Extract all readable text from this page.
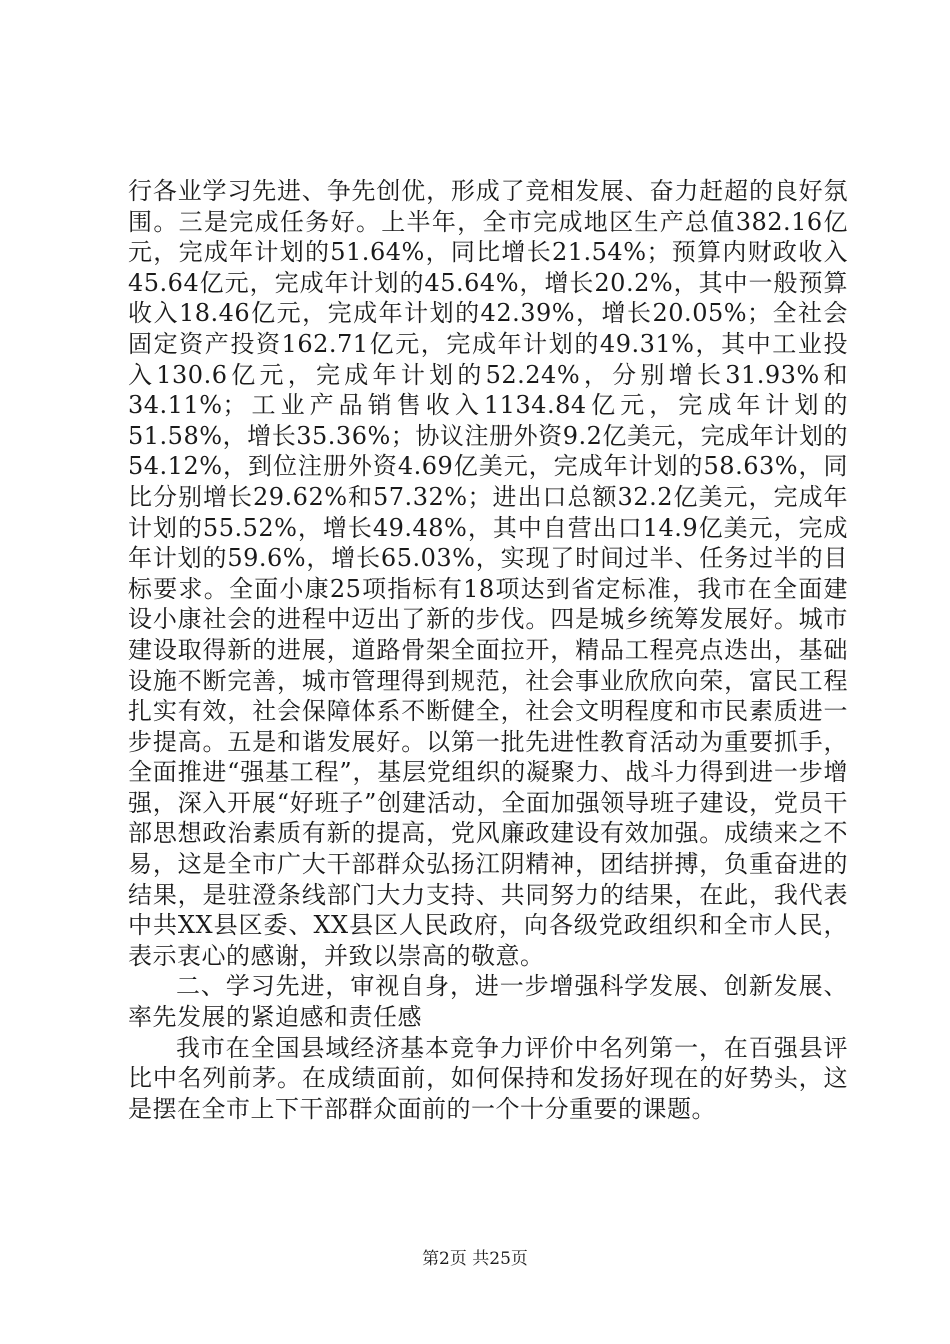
行各业学习先进、争先创优，形成了竞相发展、奋力赶超的良好氛围。三是完成任务好。上半年，全市完成地区生产总值382.16亿元，完成年计划的51.64%，同比增长21.54%；预算内财政收入45.64亿元，完成年计划的45.64%，增长20.2%，其中一般预算收入18.46亿元，完成年计划的42.39%，增长20.05%；全社会固定资产投资162.71亿元，完成年计划的49.31%，其中工业投入130.6亿元，完成年计划的52.24%，分别增长31.93%和34.11%；工业产品销售收入1134.84亿元，完成年计划的51.58%，增长35.36%；协议注册外资9.2亿美元，完成年计划的54.12%，到位注册外资4.69亿美元，完成年计划的58.63%，同比分别增长29.62%和57.32%；进出口总额32.2亿美元，完成年计划的55.52%，增长49.48%，其中自营出口14.9亿美元，完成年计划的59.6%，增长65.03%，实现了时间过半、任务过半的目标要求。全面小康25项指标有18项达到省定标准，我市在全面建设小康社会的进程中迈出了新的步伐。四是城乡统筹发展好。城市建设取得新的进展，道路骨架全面拉开，精品工程亮点迭出，基础设施不断完善，城市管理得到规范，社会事业欣欣向荣，富民工程扎实有效，社会保障体系不断健全，社会文明程度和市民素质进一步提高。五是和谐发展好。以第一批先进性教育活动为重要抓手，全面推进“强基工程”，基层党组织的凝聚力、战斗力得到进一步增强，深入开展“好班子”创建活动，全面加强领导班子建设，党员干部思想政治素质有新的提高，党风廉政建设有效加强。成绩来之不易，这是全市广大干部群众弘扬江阴精神，团结拼搏，负重奋进的结果，是驻澄条线部门大力支持、共同努力的结果，在此，我代表中共XX县区委、XX县区人民政府，向各级党政组织和全市人民，表示衷心的感谢，并致以崇高的敬意。

二、学习先进，审视自身，进一步增强科学发展、创新发展、率先发展的紧迫感和责任感

我市在全国县域经济基本竞争力评价中名列第一，在百强县评比中名列前茅。在成绩面前，如何保持和发扬好现在的好势头，这是摆在全市上下干部群众面前的一个十分重要的课题。

第2页 共25页
